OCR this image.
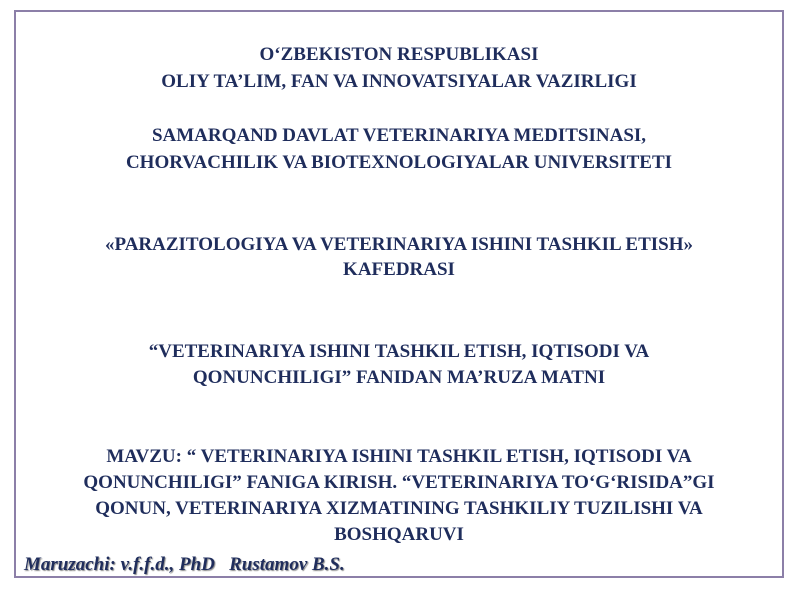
O‘ZBEKISTON RESPUBLIKASI
OLIY TA’LIM, FAN VA INNOVATSIYALAR VAZIRLIGI
SAMARQAND DAVLAT VETERINARIYA MEDITSINASI,
CHORVACHILIK VA BIOTEXNOLOGIYALAR UNIVERSITETI
«PARAZITOLOGIYA VA VETERINARIYA ISHINI TASHKIL ETISH»
KAFEDRASI
“VETERINARIYA ISHINI TASHKIL ETISH, IQTISODI VA
QONUNCHILIGI” FANIDAN MA’RUZA MATNI
MAVZU: “ VETERINARIYA ISHINI TASHKIL ETISH, IQTISODI VA
QONUNCHILIGI” FANIGA KIRISH. “VETERINARIYA TO‘G‘RISIDA”GI
QONUN, VETERINARIYA XIZMATINING TASHKILIY TUZILISHI VA
BOSHQARUVI
Maruzachi: v.f.f.d., PhD   Rustamov B.S.
